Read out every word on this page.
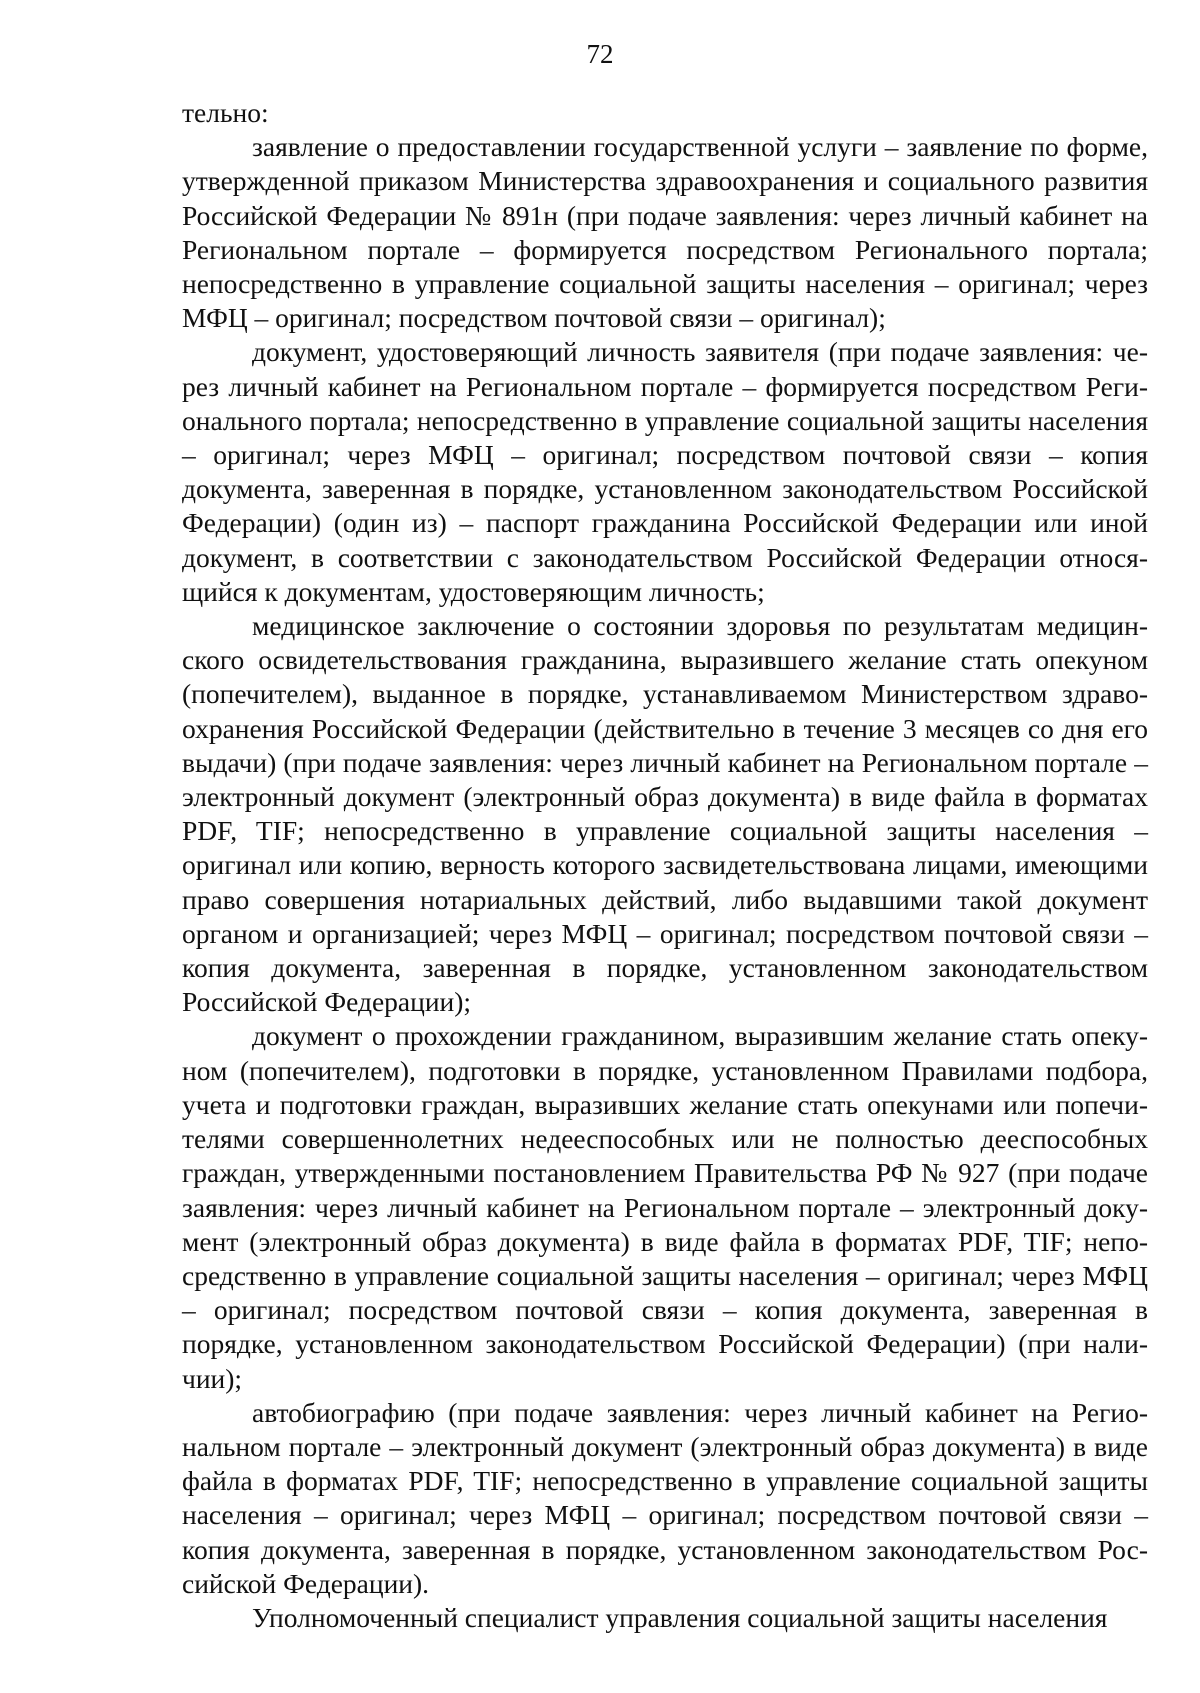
72

тельно:

заявление о предоставлении государственной услуги – заявление по форме, утвержденной приказом Министерства здравоохранения и социального развития Российской Федерации № 891н (при подаче заявления: через личный кабинет на Региональном портале – формируется посредством Регионального портала; непосредственно в управление социальной защиты населения – оригинал; через МФЦ – оригинал; посредством почтовой связи – оригинал);

документ, удостоверяющий личность заявителя (при подаче заявления: через личный кабинет на Региональном портале – формируется посредством Регионального портала; непосредственно в управление социальной защиты населения – оригинал; через МФЦ – оригинал; посредством почтовой связи – копия документа, заверенная в порядке, установленном законодательством Российской Федерации) (один из) – паспорт гражданина Российской Федерации или иной документ, в соответствии с законодательством Российской Федерации относящийся к документам, удостоверяющим личность;

медицинское заключение о состоянии здоровья по результатам медицинского освидетельствования гражданина, выразившего желание стать опекуном (попечителем), выданное в порядке, устанавливаемом Министерством здравоохранения Российской Федерации (действительно в течение 3 месяцев со дня его выдачи) (при подаче заявления: через личный кабинет на Региональном портале – электронный документ (электронный образ документа) в виде файла в форматах PDF, TIF; непосредственно в управление социальной защиты населения – оригинал или копию, верность которого засвидетельствована лицами, имеющими право совершения нотариальных действий, либо выдавшими такой документ органом и организацией; через МФЦ – оригинал; посредством почтовой связи – копия документа, заверенная в порядке, установленном законодательством Российской Федерации);

документ о прохождении гражданином, выразившим желание стать опекуном (попечителем), подготовки в порядке, установленном Правилами подбора, учета и подготовки граждан, выразивших желание стать опекунами или попечителями совершеннолетних недееспособных или не полностью дееспособных граждан, утвержденными постановлением Правительства РФ № 927 (при подаче заявления: через личный кабинет на Региональном портале – электронный документ (электронный образ документа) в виде файла в форматах PDF, TIF; непосредственно в управление социальной защиты населения – оригинал; через МФЦ – оригинал; посредством почтовой связи – копия документа, заверенная в порядке, установленном законодательством Российской Федерации) (при наличии);

автобиографию (при подаче заявления: через личный кабинет на Региональном портале – электронный документ (электронный образ документа) в виде файла в форматах PDF, TIF; непосредственно в управление социальной защиты населения – оригинал; через МФЦ – оригинал; посредством почтовой связи – копия документа, заверенная в порядке, установленном законодательством Российской Федерации).

Уполномоченный специалист управления социальной защиты населения
